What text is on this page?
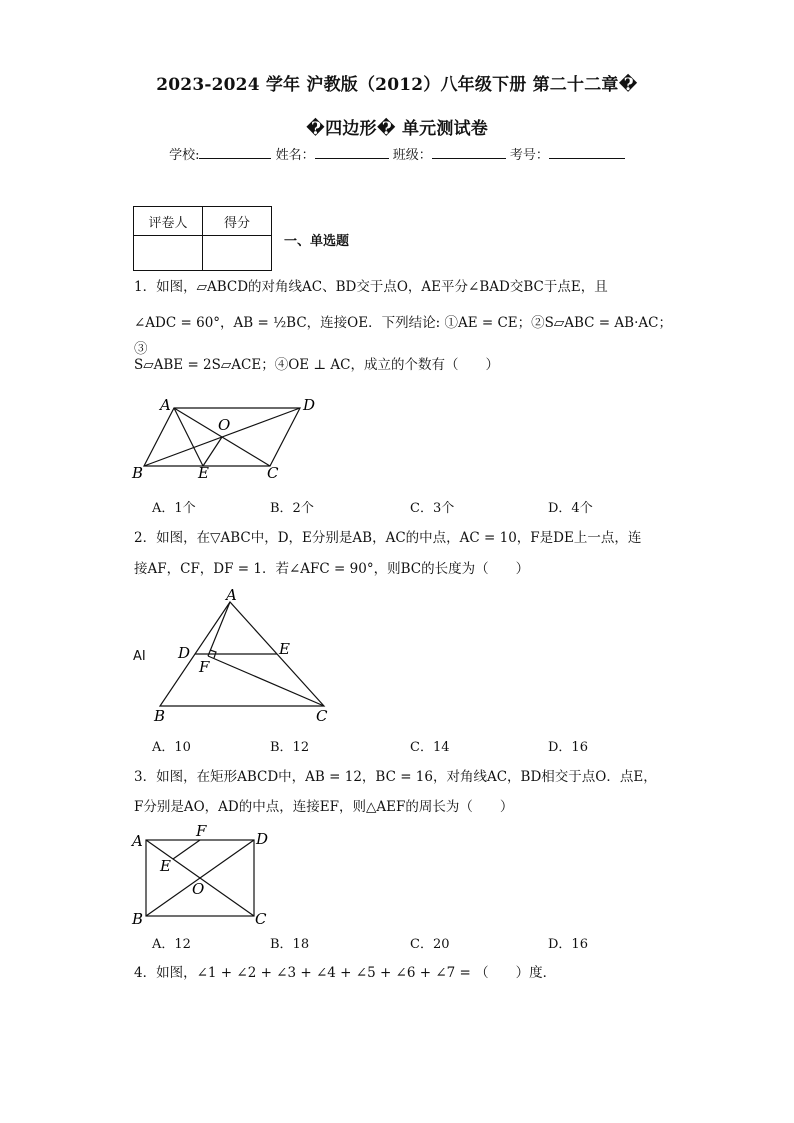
2023-2024 学年 沪教版（2012）八年级下册 第二十二章�
�四边形� 单元测试卷
学校:	姓名：	班级：	考号：
评卷人	得分

一、单选题
1．如图，▱ABCD的对角线AC、BD交于点O，AE平分∠BAD交BC于点E，且
∠ADC = 60°，AB = ½BC，连接OE．下列结论: ①AE = CE；②S▱ABC = AB·AC；③
S▱ABE = 2S▱ACE；④OE ⊥ AC，成立的个数有（　　）
A	D
O
B	E	C
A．1个	B．2个	C．3个	D．4个
2．如图，在▽ABC中，D，E分别是AB，AC的中点，AC = 10，F是DE上一点，连
接AF，CF，DF = 1．若∠AFC = 90°，则BC的长度为（　　）
AI
A
D	E
F
B	C
A．10	B．12	C．14	D．16
3．如图，在矩形ABCD中，AB = 12，BC = 16，对角线AC，BD相交于点O．点E，
F分别是AO，AD的中点，连接EF，则△AEF的周长为（　　）
A
F	D
E
O
B	C
A．12	B．18	C．20	D．16
4．如图，∠1 + ∠2 + ∠3 + ∠4 + ∠5 + ∠6 + ∠7 = （　　）度．
